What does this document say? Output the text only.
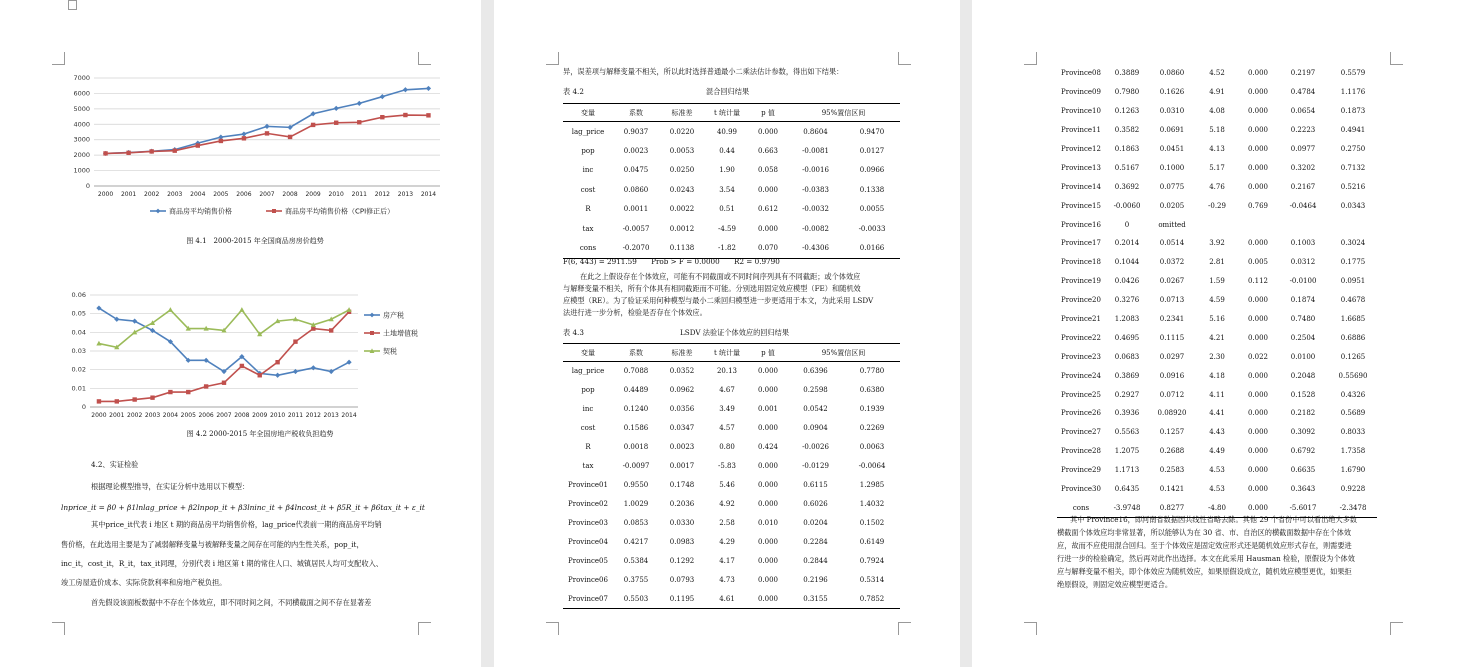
0
1000
2000
3000
4000
5000
6000
7000
2000 2001 2002 2003 2004 2005 2006 2007 2008 2009 2010 2011 2012 2013 2014
商品房平均销售价格	商品房平均销售价格（CPI修正后）
图 4.1　2000-2015 年全国商品房房价趋势
0
0.01
0.02
0.03
0.04
0.05
0.06
2000 2001 2002 2003 2004 2005 2006 2007 2008 2009 2010 2011 2012 2013 2014
房产税
土地增值税
契税
图 4.2 2000-2015 年全国房地产税收负担趋势
4.2、实证检验
根据理论模型推导，在实证分析中选用以下模型：
lnprice_it = β0 + β1lnlag_price + β2lnpop_it + β3lninc_it + β4lncost_it + β5R_it + β6tax_it + ε_it
其中price_it代表 i 地区 t 期的商品房平均销售价格，lag_price代表前一期的商品房平均销
售价格，在此选用主要是为了减弱解释变量与被解释变量之间存在可能的内生性关系，pop_it，
inc_it，cost_it，R_it，tax_it同理，分别代表 i 地区第 t 期的常住人口、城镇居民人均可支配收入、
竣工房屋造价成本、实际贷款利率和房地产税负担。
首先假设该面板数据中不存在个体效应，即不同时间之间，不同横截面之间不存在显著差
异，误差项与解释变量不相关，所以此时选择普通最小二乘法估计参数，得出如下结果：
表 4.2	混合回归结果
变量	系数	标准差	t 统计量	p 值	95%置信区间	
lag_price	0.9037	0.0220	40.99	0.000	0.8604	0.9470
pop	0.0023	0.0053	0.44	0.663	-0.0081	0.0127
inc	0.0475	0.0250	1.90	0.058	-0.0016	0.0966
cost	0.0860	0.0243	3.54	0.000	-0.0383	0.1338
R	0.0011	0.0022	0.51	0.612	-0.0032	0.0055
tax	-0.0057	0.0012	-4.59	0.000	-0.0082	-0.0033
cons	-0.2070	0.1138	-1.82	0.070	-0.4306	0.0166
F(6, 443) = 2911.59　　Prob > F = 0.0000　　R2 = 0.9790
在此之上假设存在个体效应，可能有不同截面或不同时间序列具有不同截距；或个体效应
与解释变量不相关，所有个体具有相同截距而不可能。分别选用固定效应模型（FE）和随机效
应模型（RE）。为了验证采用何种模型与最小二乘回归模型进一步更适用于本文，为此采用 LSDV
法进行进一步分析，检验是否存在个体效应。
表 4.3	LSDV 法验证个体效应的回归结果
变量	系数	标准差	t 统计量	p 值	95%置信区间	
lag_price	0.7088	0.0352	20.13	0.000	0.6396	0.7780
pop	0.4489	0.0962	4.67	0.000	0.2598	0.6380
inc	0.1240	0.0356	3.49	0.001	0.0542	0.1939
cost	0.1586	0.0347	4.57	0.000	0.0904	0.2269
R	0.0018	0.0023	0.80	0.424	-0.0026	0.0063
tax	-0.0097	0.0017	-5.83	0.000	-0.0129	-0.0064
Province01	0.9550	0.1748	5.46	0.000	0.6115	1.2985
Province02	1.0029	0.2036	4.92	0.000	0.6026	1.4032
Province03	0.0853	0.0330	2.58	0.010	0.0204	0.1502
Province04	0.4217	0.0983	4.29	0.000	0.2284	0.6149
Province05	0.5384	0.1292	4.17	0.000	0.2844	0.7924
Province06	0.3755	0.0793	4.73	0.000	0.2196	0.5314
Province07	0.5503	0.1195	4.61	0.000	0.3155	0.7852
Province08	0.3889	0.0860	4.52	0.000	0.2197	0.5579
Province09	0.7980	0.1626	4.91	0.000	0.4784	1.1176
Province10	0.1263	0.0310	4.08	0.000	0.0654	0.1873
Province11	0.3582	0.0691	5.18	0.000	0.2223	0.4941
Province12	0.1863	0.0451	4.13	0.000	0.0977	0.2750
Province13	0.5167	0.1000	5.17	0.000	0.3202	0.7132
Province14	0.3692	0.0775	4.76	0.000	0.2167	0.5216
Province15	-0.0060	0.0205	-0.29	0.769	-0.0464	0.0343
Province16	0	omitted				
Province17	0.2014	0.0514	3.92	0.000	0.1003	0.3024
Province18	0.1044	0.0372	2.81	0.005	0.0312	0.1775
Province19	0.0426	0.0267	1.59	0.112	-0.0100	0.0951
Province20	0.3276	0.0713	4.59	0.000	0.1874	0.4678
Province21	1.2083	0.2341	5.16	0.000	0.7480	1.6685
Province22	0.4695	0.1115	4.21	0.000	0.2504	0.6886
Province23	0.0683	0.0297	2.30	0.022	0.0100	0.1265
Province24	0.3869	0.0916	4.18	0.000	0.2048	0.55690
Province25	0.2927	0.0712	4.11	0.000	0.1528	0.4326
Province26	0.3936	0.08920	4.41	0.000	0.2182	0.5689
Province27	0.5563	0.1257	4.43	0.000	0.3092	0.8033
Province28	1.2075	0.2688	4.49	0.000	0.6792	1.7358
Province29	1.1713	0.2583	4.53	0.000	0.6635	1.6790
Province30	0.6435	0.1421	4.53	0.000	0.3643	0.9228
cons	-3.9748	0.8277	-4.80	0.000	-5.6017	-2.3478
其中 Province16，即河南省数据因共线性省略去除。其他 29 个省份中可以看出绝大多数
横截面个体效应均非常显著，所以能够认为在 30 省、市、自治区的横截面数据中存在个体效
应，故而不应使用混合回归。至于个体效应是固定效应形式还是随机效应形式存在，则需要进
行进一步的检验确定，然后再对此作出选择。本文在此采用 Hausman 检验，原假设为个体效
应与解释变量不相关，即个体效应为随机效应，如果原假设成立，随机效应模型更优，如果拒
绝原假设，则固定效应模型更适合。
